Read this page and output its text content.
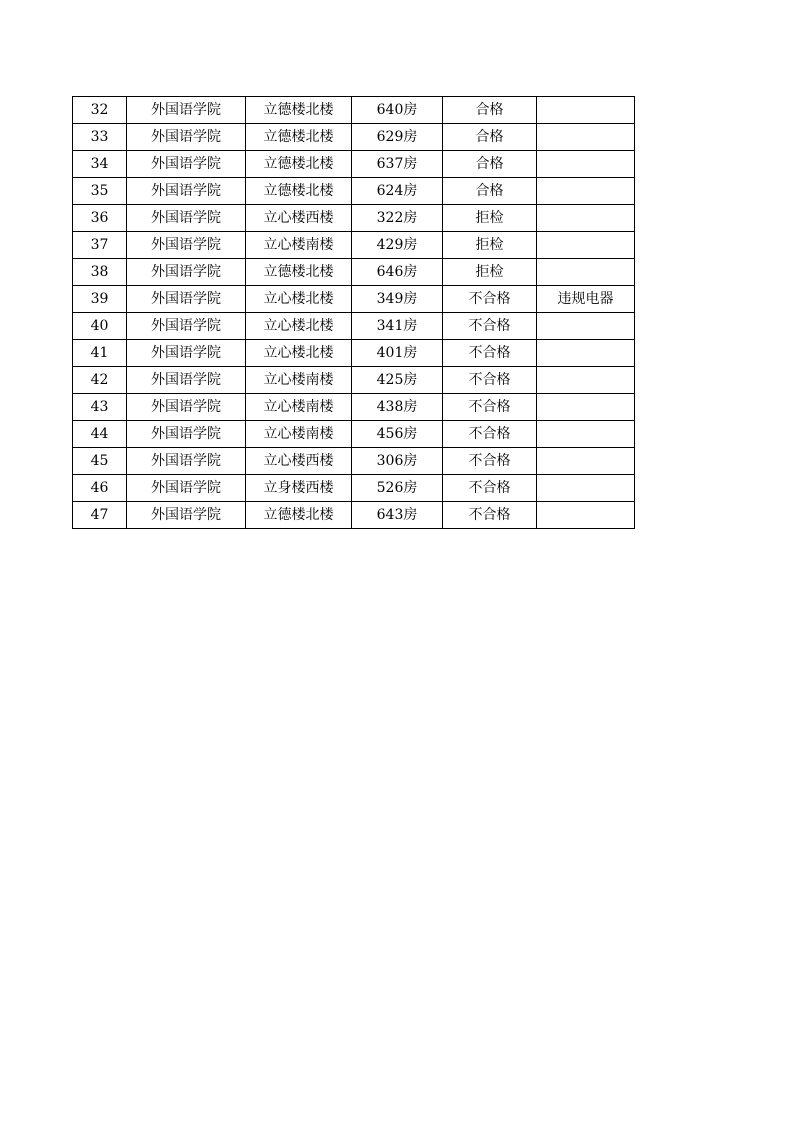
32	外国语学院	立德楼北楼	640房	合格	
33	外国语学院	立德楼北楼	629房	合格	
34	外国语学院	立德楼北楼	637房	合格	
35	外国语学院	立德楼北楼	624房	合格	
36	外国语学院	立心楼西楼	322房	拒检	
37	外国语学院	立心楼南楼	429房	拒检	
38	外国语学院	立德楼北楼	646房	拒检	
39	外国语学院	立心楼北楼	349房	不合格	违规电器
40	外国语学院	立心楼北楼	341房	不合格	
41	外国语学院	立心楼北楼	401房	不合格	
42	外国语学院	立心楼南楼	425房	不合格	
43	外国语学院	立心楼南楼	438房	不合格	
44	外国语学院	立心楼南楼	456房	不合格	
45	外国语学院	立心楼西楼	306房	不合格	
46	外国语学院	立身楼西楼	526房	不合格	
47	外国语学院	立德楼北楼	643房	不合格	
